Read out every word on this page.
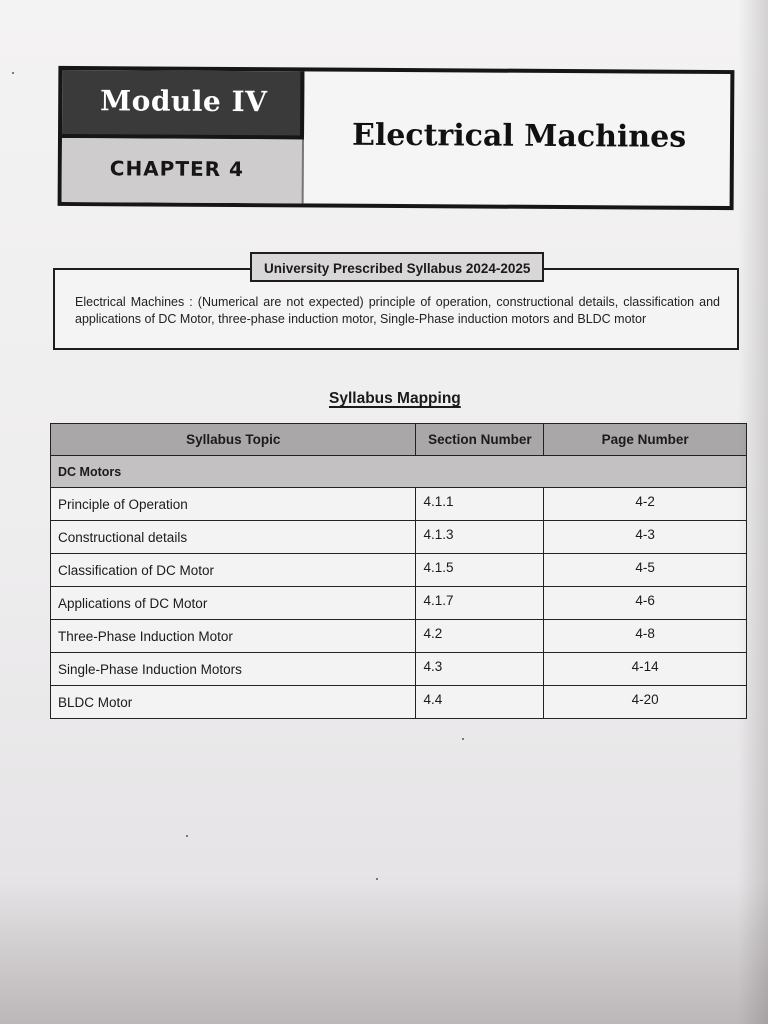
Module IV
CHAPTER 4
Electrical Machines
Electrical Machines : (Numerical are not expected) principle of operation, constructional details, classification and applications of DC Motor, three-phase induction motor, Single-Phase induction motors and BLDC motor
University Prescribed Syllabus 2024-2025
Syllabus Mapping
Syllabus Topic	Section Number	Page Number
DC Motors		
Principle of Operation	4.1.1	4-2
Constructional details	4.1.3	4-3
Classification of DC Motor	4.1.5	4-5
Applications of DC Motor	4.1.7	4-6
Three-Phase Induction Motor	4.2	4-8
Single-Phase Induction Motors	4.3	4-14
BLDC Motor	4.4	4-20
